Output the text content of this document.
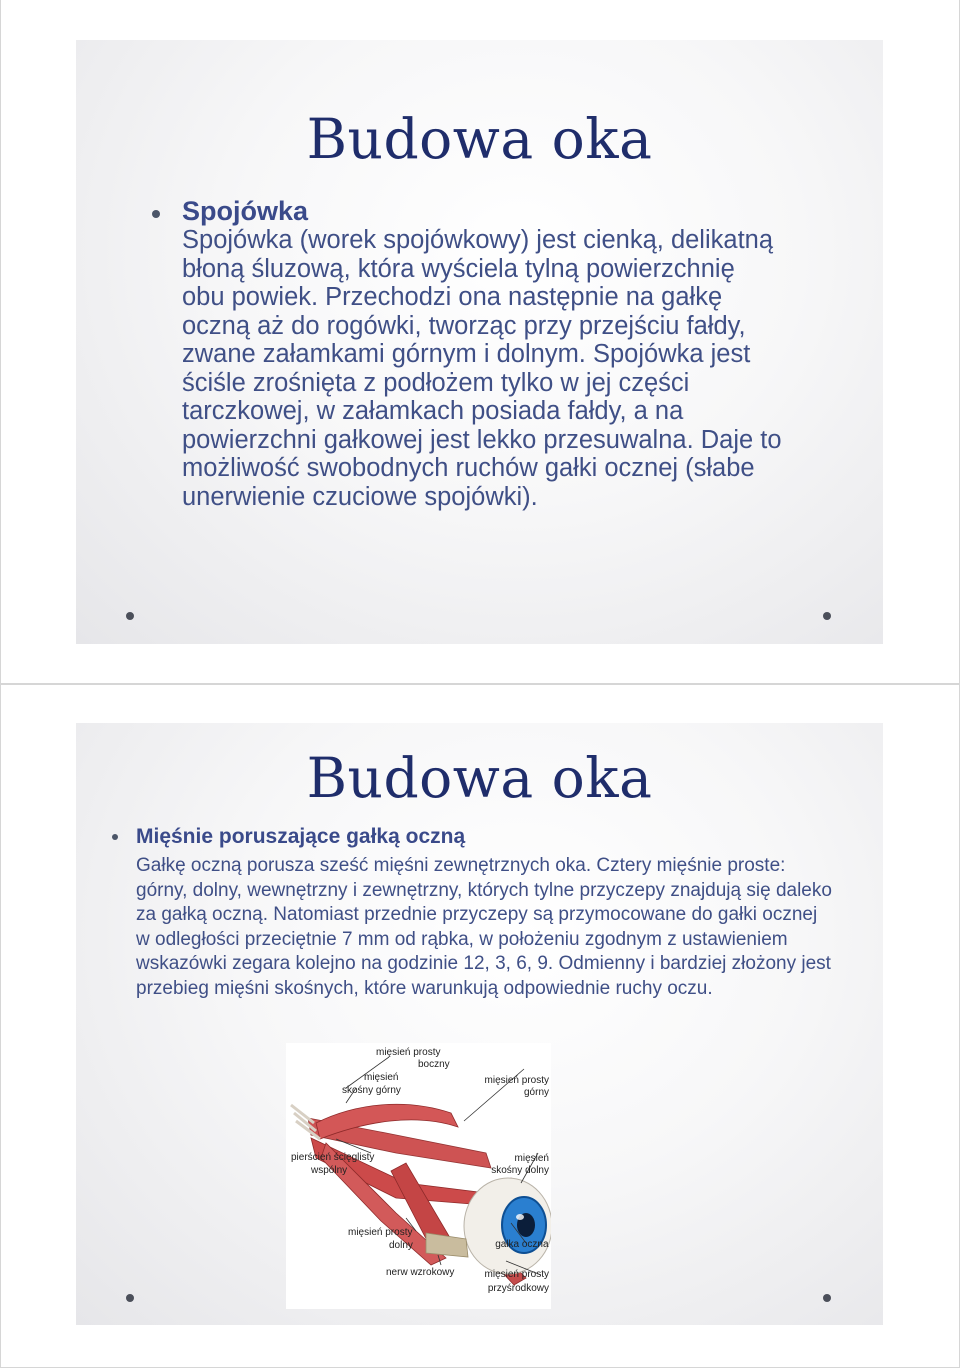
Budowa oka
Spojówka
Spojówka (worek spojówkowy) jest cienką, delikatną błoną śluzową, która wyściela tylną powierzchnię obu powiek. Przechodzi ona następnie na gałkę oczną aż do rogówki, tworząc przy przejściu fałdy, zwane załamkami górnym i dolnym. Spojówka jest ściśle zrośnięta z podłożem tylko w jej części tarczkowej, w załamkach posiada fałdy, a na powierzchni gałkowej jest lekko przesuwalna. Daje to możliwość swobodnych ruchów gałki ocznej (słabe unerwienie czuciowe spojówki).
Budowa oka
Mięśnie poruszające gałką oczną
Gałkę oczną porusza sześć mięśni zewnętrznych oka. Cztery mięśnie proste: górny, dolny, wewnętrzny i zewnętrzny, których tylne przyczepy znajdują się daleko za gałką oczną. Natomiast przednie przyczepy są przymocowane do gałki ocznej w odległości przeciętnie 7 mm od rąbka, w położeniu zgodnym z ustawieniem wskazówki zegara kolejno na godzinie 12, 3, 6, 9. Odmienny i bardziej złożony jest przebieg mięśni skośnych, które warunkują odpowiednie ruchy oczu.
mięsień prosty
boczny
mięsień
skośny górny
mięsień prosty
górny
pierścień ścięglisty
wspólny
mięsień
skośny dolny
mięsień prosty
dolny	gałka oczna
nerw wzrokowy	mięsień prosty
przyśrodkowy
